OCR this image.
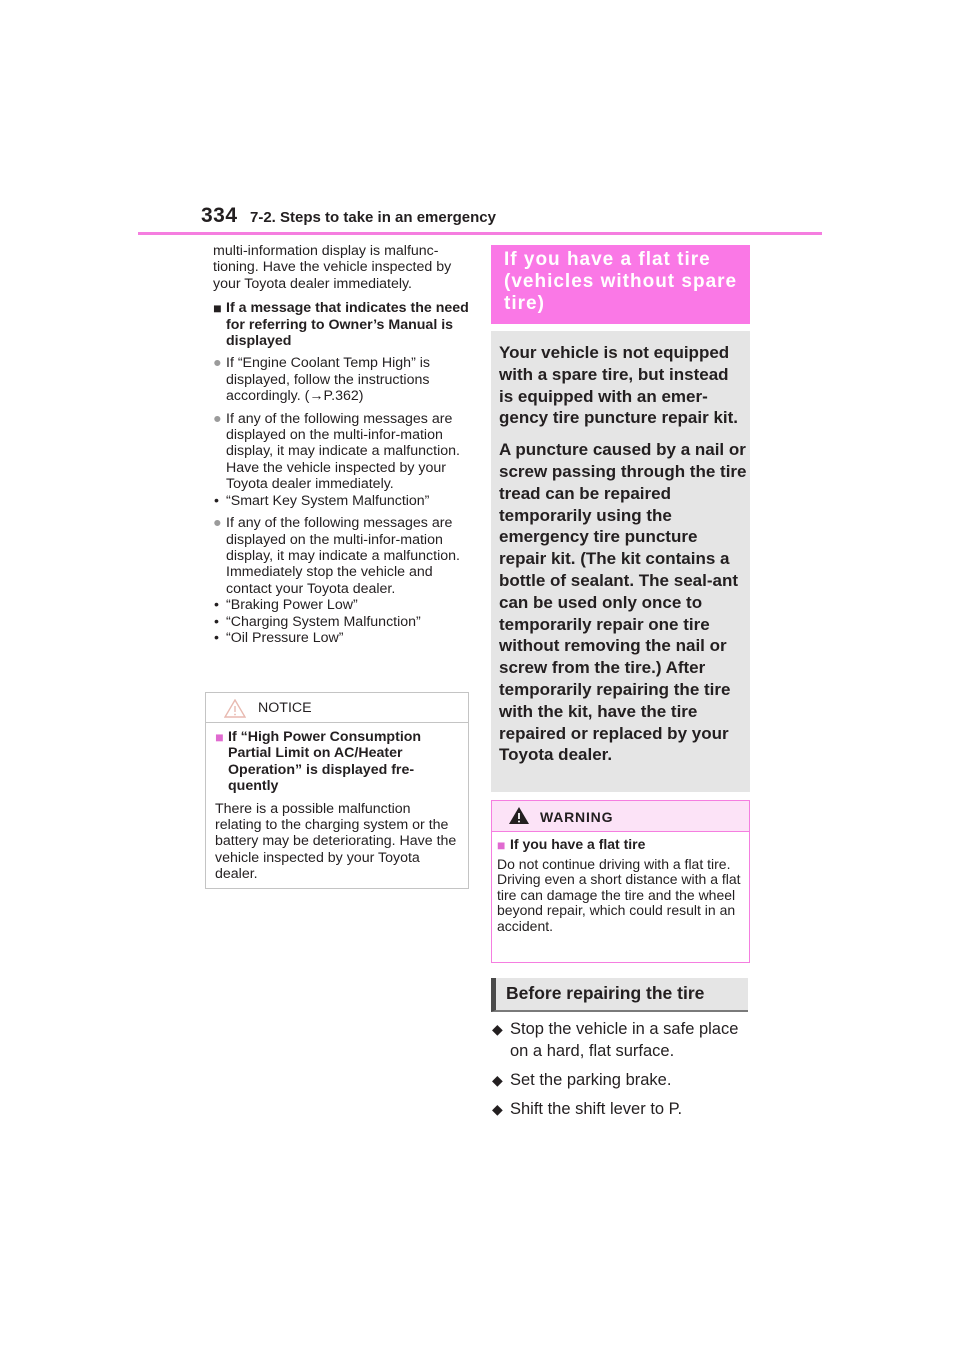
334 7-2. Steps to take in an emergency

multi-information display is malfunc-tioning. Have the vehicle inspected by your Toyota dealer immediately.

■ If a message that indicates the need for referring to Owner’s Manual is displayed
● If “Engine Coolant Temp High” is displayed, follow the instructions accordingly. (→P.362)
● If any of the following messages are displayed on the multi-infor-mation display, it may indicate a malfunction. Have the vehicle inspected by your Toyota dealer immediately.
• “Smart Key System Malfunction”
● If any of the following messages are displayed on the multi-infor-mation display, it may indicate a malfunction. Immediately stop the vehicle and contact your Toyota dealer.
• “Braking Power Low”
• “Charging System Malfunction”
• “Oil Pressure Low”
NOTICE
■ If “High Power Consumption Partial Limit on AC/Heater Operation” is displayed fre-quently

There is a possible malfunction relating to the charging system or the battery may be deteriorating. Have the vehicle inspected by your Toyota dealer.

If you have a flat tire (vehicles without spare tire)

Your vehicle is not equipped with a spare tire, but instead is equipped with an emer-gency tire puncture repair kit.

A puncture caused by a nail or screw passing through the tire tread can be repaired temporarily using the emergency tire puncture repair kit. (The kit contains a bottle of sealant. The seal-ant can be used only once to temporarily repair one tire without removing the nail or screw from the tire.) After temporarily repairing the tire with the kit, have the tire repaired or replaced by your Toyota dealer.

WARNING
■ If you have a flat tire
Do not continue driving with a flat tire.
Driving even a short distance with a flat tire can damage the tire and the wheel beyond repair, which could result in an accident.
Before repairing the tire
◆ Stop the vehicle in a safe place on a hard, flat surface.
◆ Set the parking brake.
◆ Shift the shift lever to P.
